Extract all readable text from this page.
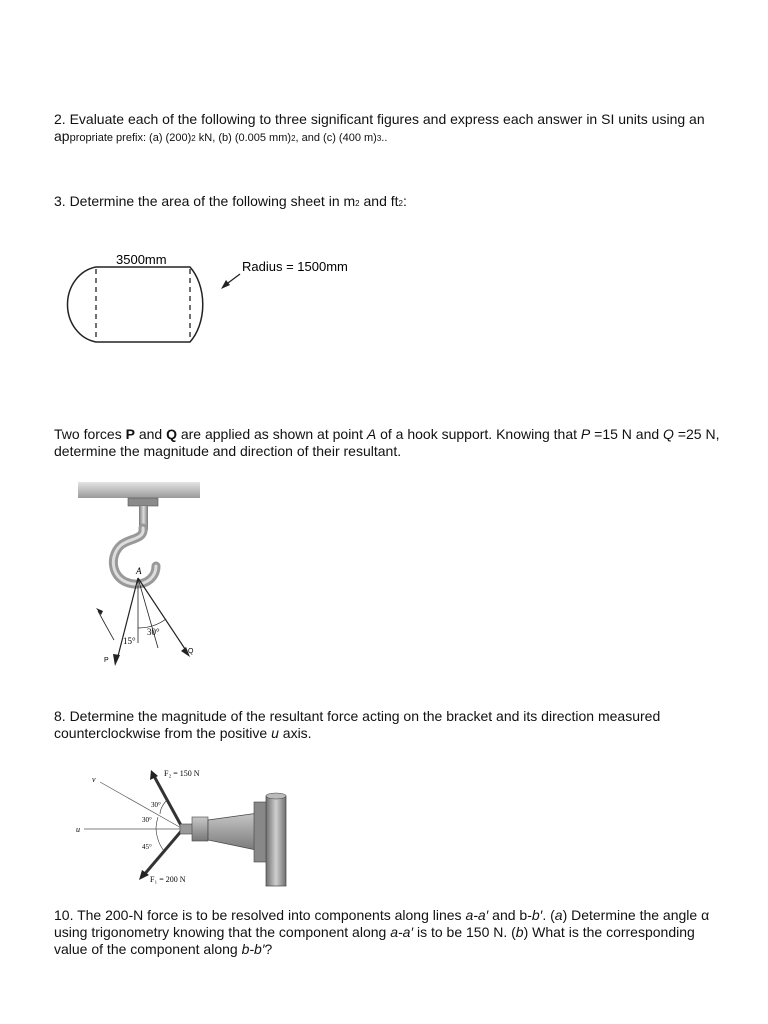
2. Evaluate each of the following to three significant figures and express each answer in SI units using an
appropriate prefix: (a) (200)2 kN, (b) (0.005 mm)2, and (c) (400 m)3..
3. Determine the area of the following sheet in m2 and ft2:
3500mm	Radius = 1500mm
Two forces P and Q are applied as shown at point A of a hook support. Knowing that P =15 N and Q =25 N,
determine the magnitude and direction of their resultant.
A
15°
30°
P
Q
8. Determine the magnitude of the resultant force acting on the bracket and its direction measured
counterclockwise from the positive u axis.
v
u
F₂ = 150 N
F₁ = 200 N
30°
30°
45°
10. The 200-N force is to be resolved into components along lines a-a′ and b-b′. (a) Determine the angle α
using trigonometry knowing that the component along a-a′ is to be 150 N. (b) What is the corresponding
value of the component along b-b′?
